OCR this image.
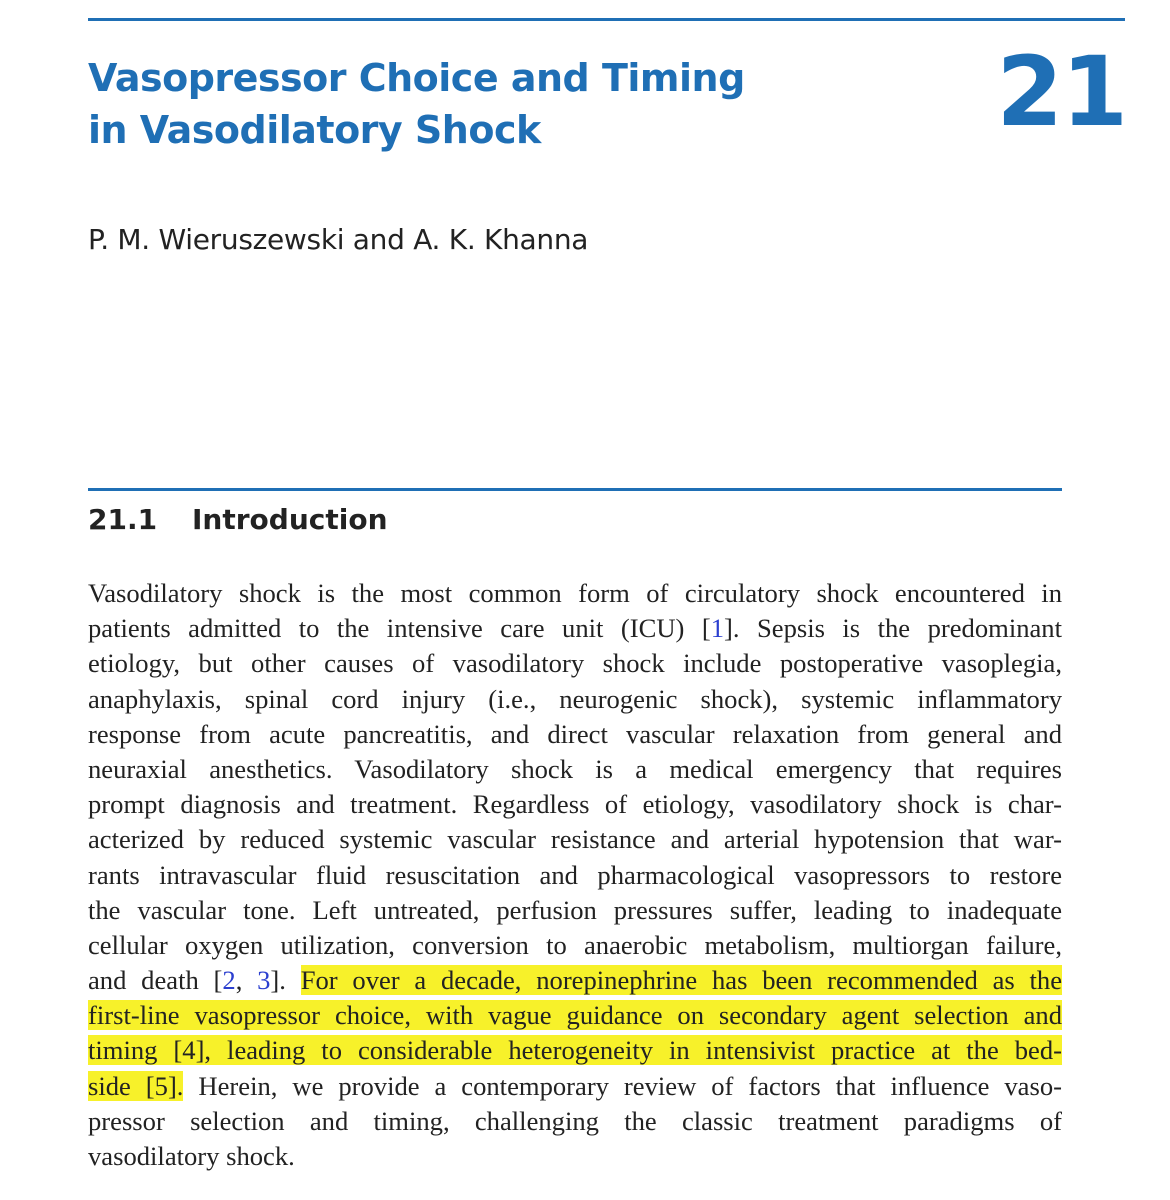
Vasopressor Choice and Timing
in Vasodilatory Shock	21

P. M. Wieruszewski and A. K. Khanna

21.1 Introduction
Vasodilatory shock is the most common form of circulatory shock encountered in
patients admitted to the intensive care unit (ICU) [1]. Sepsis is the predominant
etiology, but other causes of vasodilatory shock include postoperative vasoplegia,
anaphylaxis, spinal cord injury (i.e., neurogenic shock), systemic inflammatory
response from acute pancreatitis, and direct vascular relaxation from general and
neuraxial anesthetics. Vasodilatory shock is a medical emergency that requires
prompt diagnosis and treatment. Regardless of etiology, vasodilatory shock is char-
acterized by reduced systemic vascular resistance and arterial hypotension that war-
rants intravascular fluid resuscitation and pharmacological vasopressors to restore
the vascular tone. Left untreated, perfusion pressures suffer, leading to inadequate
cellular oxygen utilization, conversion to anaerobic metabolism, multiorgan failure,
and death [2, 3]. For over a decade, norepinephrine has been recommended as the
first-line vasopressor choice, with vague guidance on secondary agent selection and
timing [4], leading to considerable heterogeneity in intensivist practice at the bed-
side [5]. Herein, we provide a contemporary review of factors that influence vaso-
pressor selection and timing, challenging the classic treatment paradigms of
vasodilatory shock.
